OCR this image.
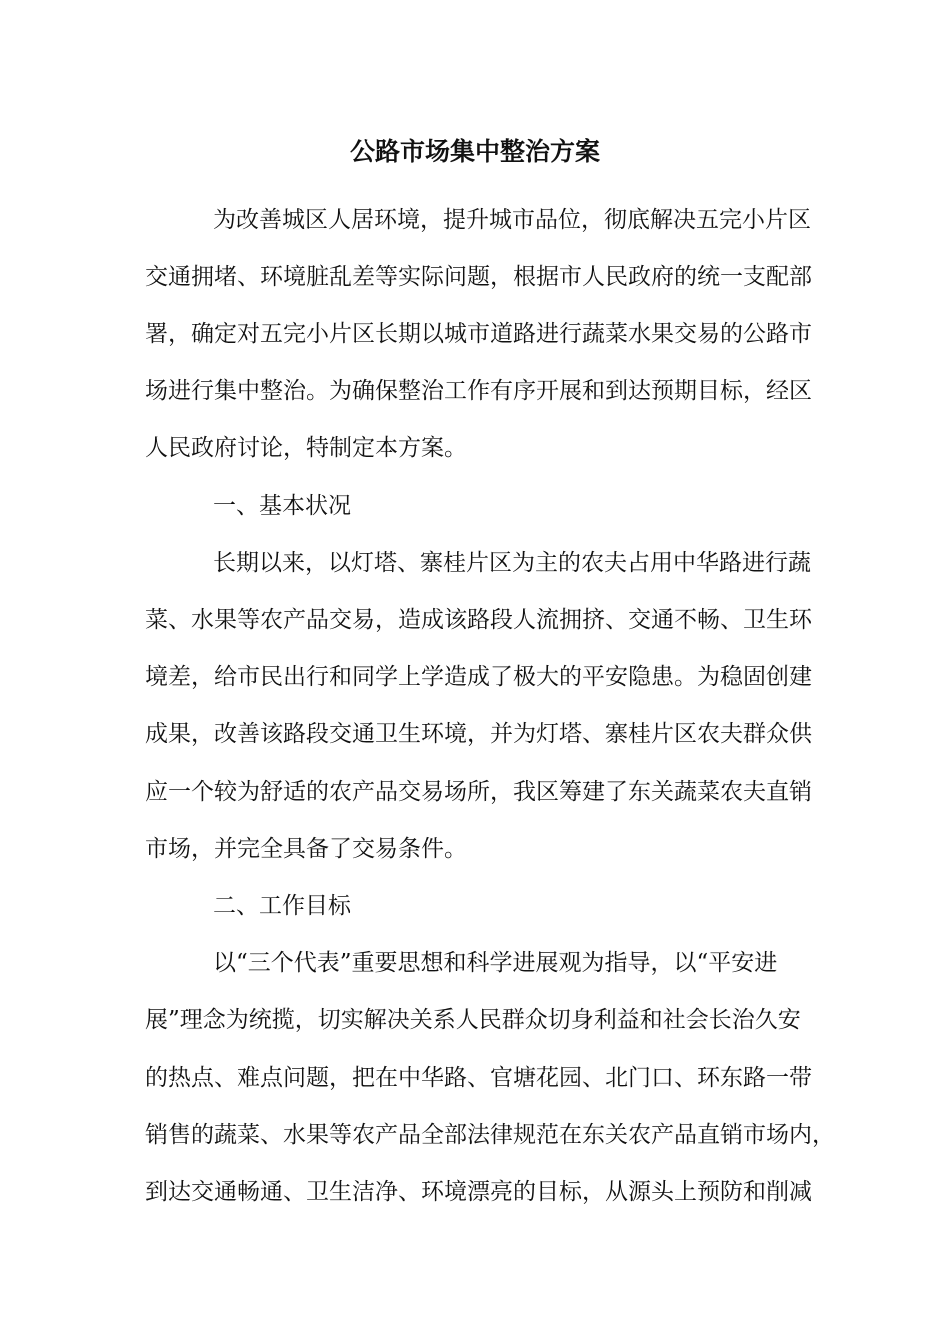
公路市场集中整治方案
为改善城区人居环境，提升城市品位，彻底解决五完小片区
交通拥堵、环境脏乱差等实际问题，根据市人民政府的统一支配部
署，确定对五完小片区长期以城市道路进行蔬菜水果交易的公路市
场进行集中整治。为确保整治工作有序开展和到达预期目标，经区
人民政府讨论，特制定本方案。
一、基本状况
长期以来，以灯塔、寨桂片区为主的农夫占用中华路进行蔬
菜、水果等农产品交易，造成该路段人流拥挤、交通不畅、卫生环
境差，给市民出行和同学上学造成了极大的平安隐患。为稳固创建
成果，改善该路段交通卫生环境，并为灯塔、寨桂片区农夫群众供
应一个较为舒适的农产品交易场所，我区筹建了东关蔬菜农夫直销
市场，并完全具备了交易条件。
二、工作目标
以“三个代表”重要思想和科学进展观为指导，以“平安进
展”理念为统揽，切实解决关系人民群众切身利益和社会长治久安
的热点、难点问题，把在中华路、官塘花园、北门口、环东路一带
销售的蔬菜、水果等农产品全部法律规范在东关农产品直销市场内，
到达交通畅通、卫生洁净、环境漂亮的目标，从源头上预防和削减
